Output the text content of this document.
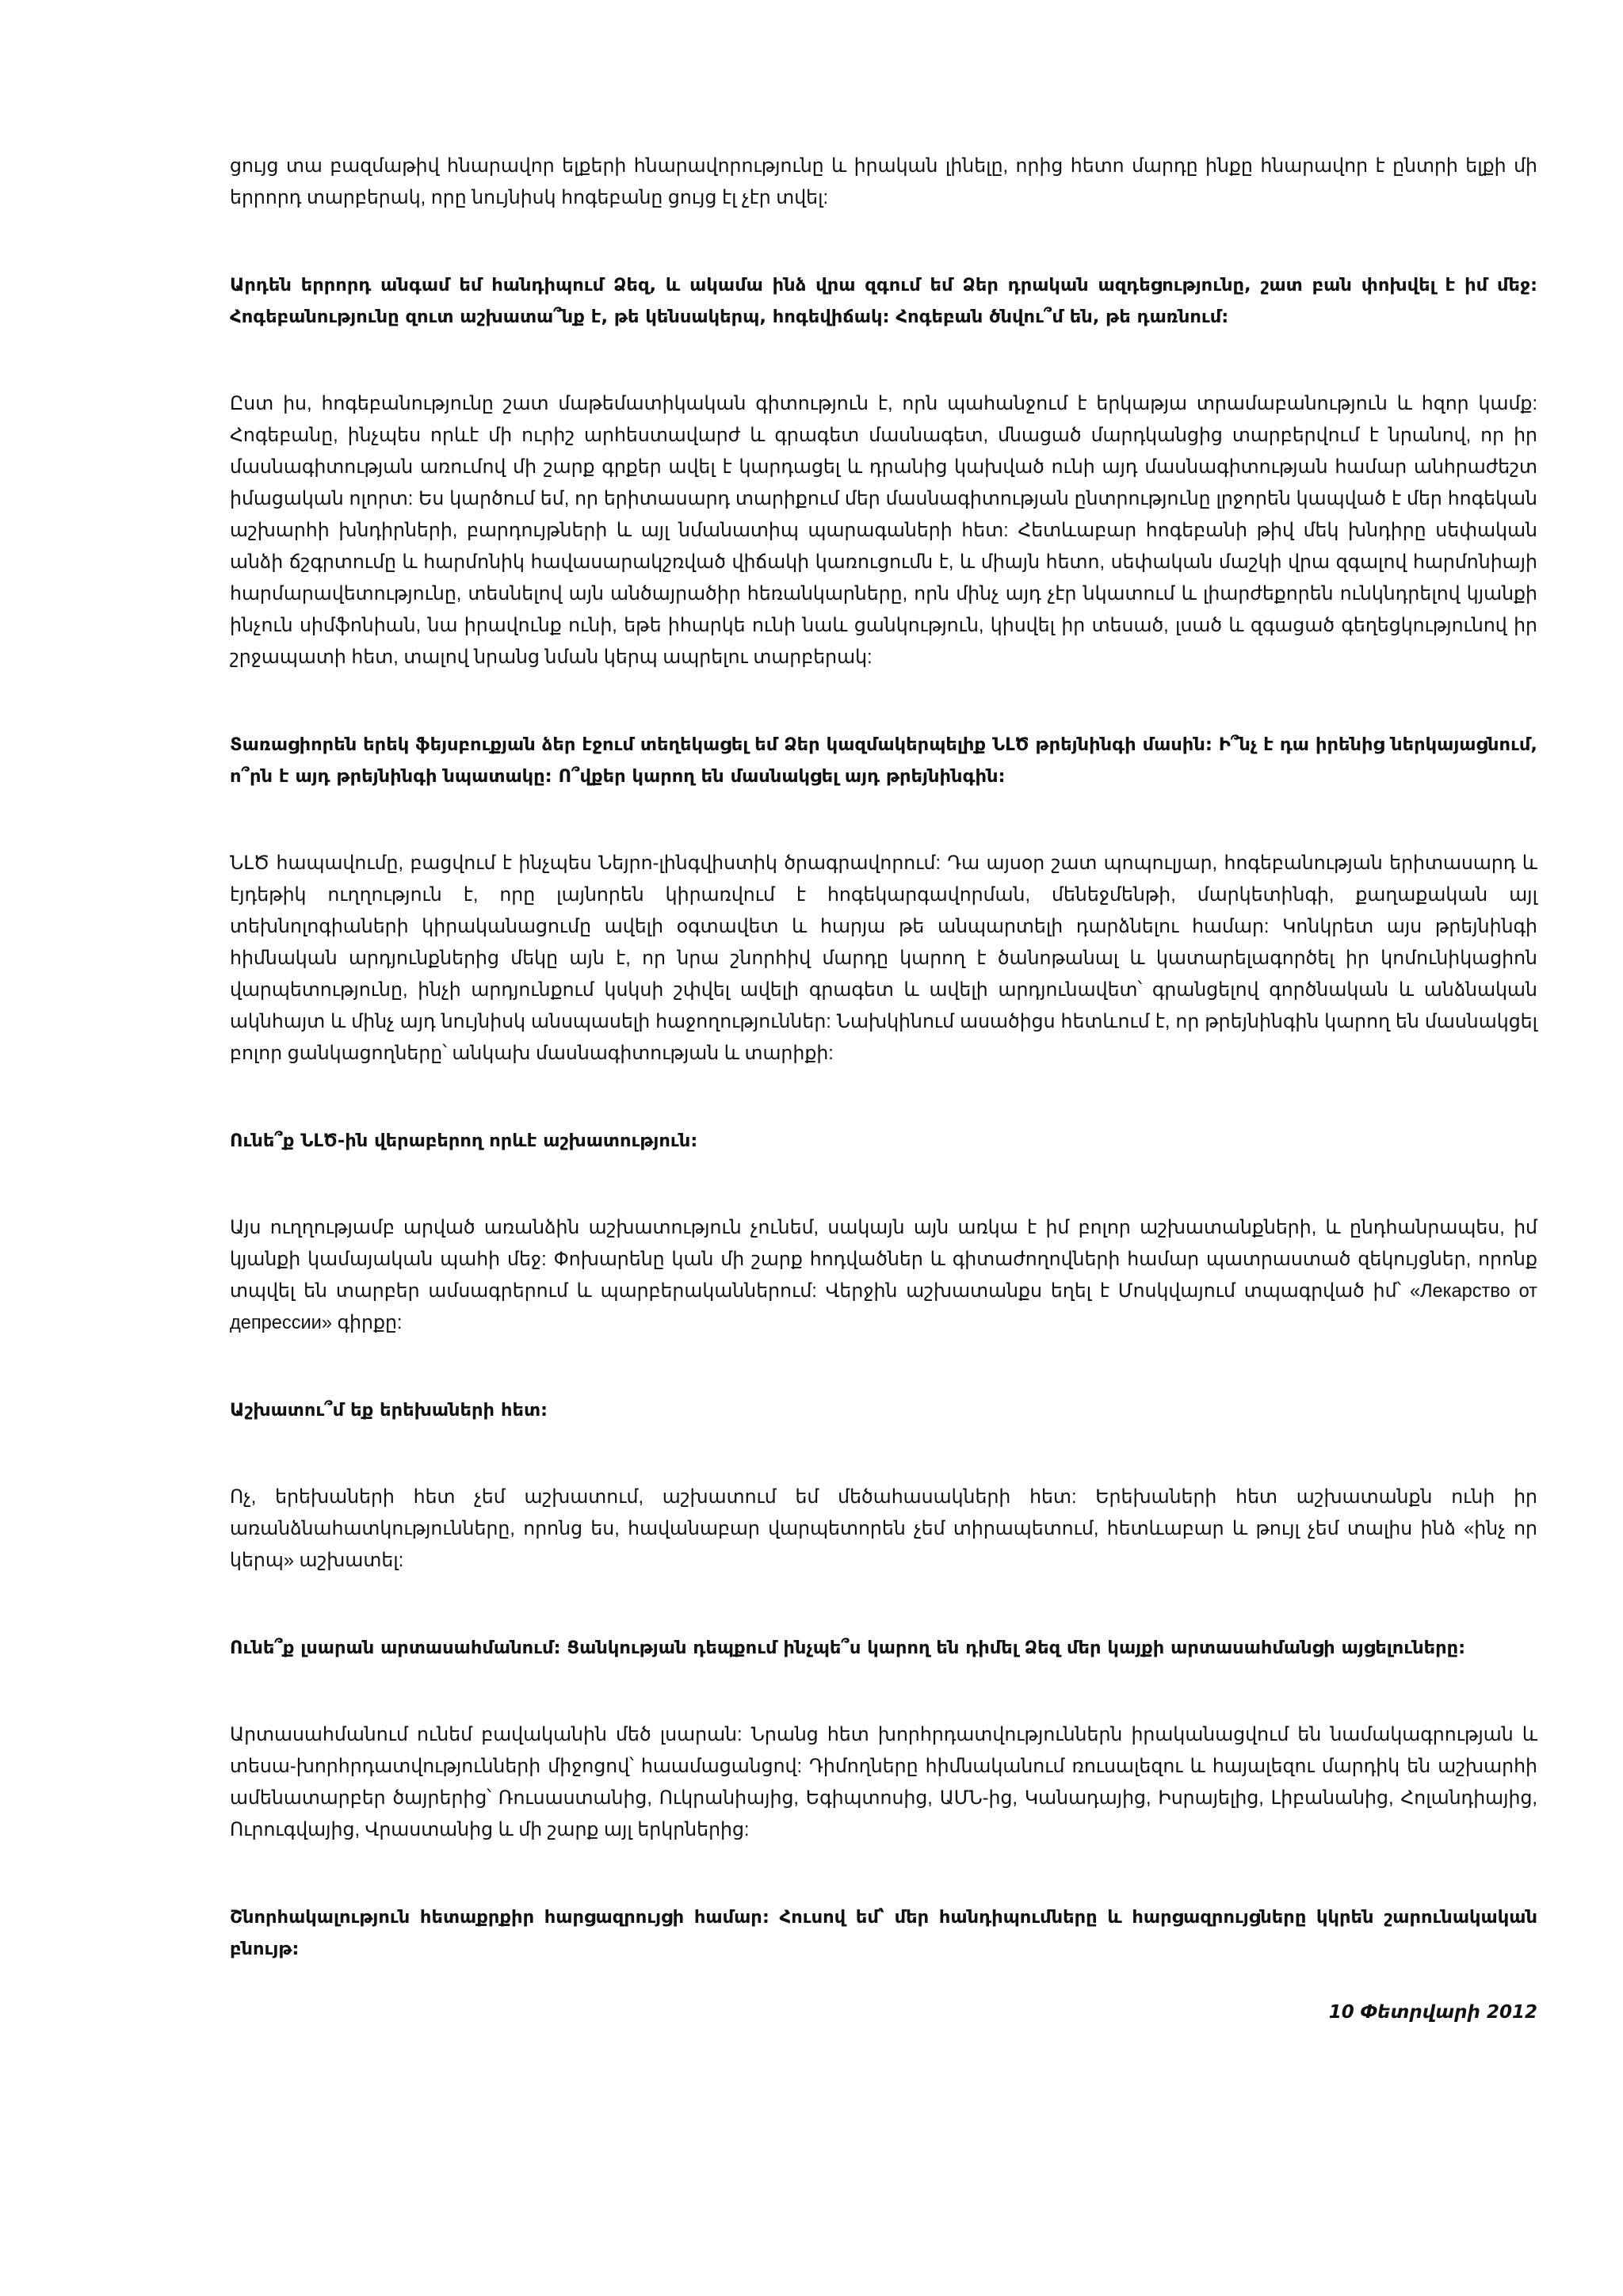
ցույց տա բազմաթիվ հնարավոր ելքերի հնարավորությունը և իրական լինելը, որից հետո մարդը ինքը հնարավոր է ընտրի ելքի մի երրորդ տարբերակ, որը նույնիսկ հոգեբանը ցույց էլ չէր տվել:

Արդեն երրորդ անգամ եմ հանդիպում Ձեզ, և ակամա ինձ վրա զգում եմ Ձեր դրական ազդեցությունը, շատ բան փոխվել է իմ մեջ: Հոգեբանությունը զուտ աշխատա՞նք է, թե կենսակերպ, հոգեվիճակ: Հոգեբան ծնվու՞մ են, թե դառնում:

Ըստ իս, հոգեբանությունը շատ մաթեմատիկական գիտություն է, որն պահանջում է երկաթյա տրամաբանություն և հզոր կամք: Հոգեբանը, ինչպես որևէ մի ուրիշ արհեստավարժ և գրագետ մասնագետ, մնացած մարդկանցից տարբերվում է նրանով, որ իր մասնագիտության առումով մի շարք գրքեր ավել է կարդացել և դրանից կախված ունի այդ մասնագիտության համար անհրաժեշտ իմացական ոլորտ: Ես կարծում եմ, որ երիտասարդ տարիքում մեր մասնագիտության ընտրությունը լրջորեն կապված է մեր հոգեկան աշխարհի խնդիրների, բարդույթների և այլ նմանատիպ պարագաների հետ: Հետևաբար հոգեբանի թիվ մեկ խնդիրը սեփական անձի ճշգրտումը և հարմոնիկ հավասարակշռված վիճակի կառուցումն է, և միայն հետո, սեփական մաշկի վրա զգալով հարմոնիայի հարմարավետությունը, տեսնելով այն անծայրածիր հեռանկարները, որն մինչ այդ չէր նկատում և լիարժեքորեն ունկնդրելով կյանքի ինչուն սիմֆոնիան, նա իրավունք ունի, եթե իհարկե ունի նաև ցանկություն, կիսվել իր տեսած, լսած և զգացած գեղեցկությունով իր շրջապատի հետ, տալով նրանց նման կերպ ապրելու տարբերակ:

Տառացիորեն երեկ ֆեյսբուքյան ձեր էջում տեղեկացել եմ Ձեր կազմակերպելիք ՆԼԾ թրեյնինգի մասին: Ի՞նչ է դա իրենից ներկայացնում, ո՞րն է այդ թրեյնինգի նպատակը: Ո՞վքեր կարող են մասնակցել այդ թրեյնինգին:

ՆԼԾ հապավումը, բացվում է ինչպես Նեյրո-լինգվիստիկ ծրագրավորում: Դա այսօր շատ պոպուլյար, հոգեբանության երիտասարդ և էյդեթիկ ուղղություն է, որը լայնորեն կիրառվում է հոգեկարգավորման, մենեջմենթի, մարկետինգի, քաղաքական այլ տեխնոլոգիաների կիրականացումը ավելի օգտավետ և հարյա թե անպարտելի դարձնելու համար: Կոնկրետ այս թրեյնինգի հիմնական արդյունքներից մեկը այն է, որ նրա շնորհիվ մարդը կարող է ծանոթանալ և կատարելագործել իր կոմունիկացիոն վարպետությունը, ինչի արդյունքում կսկսի շփվել ավելի գրագետ և ավելի արդյունավետ՝ գրանցելով գործնական և անձնական ակնհայտ և մինչ այդ նույնիսկ անսպասելի հաջողություններ: Նախկինում ասածիցս հետևում է, որ թրեյնինգին կարող են մասնակցել բոլոր ցանկացողները՝ անկախ մասնագիտության և տարիքի:

Ունե՞ք ՆԼԾ-ին վերաբերող որևէ աշխատություն:

Այս ուղղությամբ արված առանձին աշխատություն չունեմ, սակայն այն առկա է իմ բոլոր աշխատանքների, և ընդհանրապես, իմ կյանքի կամայական պահի մեջ: Փոխարենը կան մի շարք հոդվածներ և գիտաժողովների համար պատրաստած զեկույցներ, որոնք տպվել են տարբեր ամսագրերում և պարբերականներում: Վերջին աշխատանքս եղել է Մոսկվայում տպագրված իմ՝ «Лекарство от депрессии» գիրքը:

Աշխատու՞մ եք երեխաների հետ:

Ոչ, երեխաների հետ չեմ աշխատում, աշխատում եմ մեծահասակների հետ: Երեխաների հետ աշխատանքն ունի իր առանձնահատկությունները, որոնց ես, հավանաբար վարպետորեն չեմ տիրապետում, հետևաբար և թույլ չեմ տալիս ինձ «ինչ որ կերպ» աշխատել:

Ունե՞ք լսարան արտասահմանում: Ցանկության դեպքում ինչպե՞ս կարող են դիմել Ձեզ մեր կայքի արտասահմանցի այցելուները:

Արտասահմանում ունեմ բավականին մեծ լսարան: Նրանց հետ խորհրդատվություններն իրականացվում են նամակագրության և տեսա-խորհրդատվությունների միջոցով՝ հաամացանցով: Դիմողները հիմնականում ռուսալեզու և հայալեզու մարդիկ են աշխարհի ամենատարբեր ծայրերից՝ Ռուսաստանից, Ուկրանիայից, Եգիպտոսից, ԱՄՆ-ից, Կանադայից, Իսրայելից, Լիբանանից, Հոլանդիայից, Ուրուգվայից, Վրաստանից և մի շարք այլ երկրներից:

Շնորհակալություն հետաքրքիր հարցազրույցի համար: Հուսով եմ՝ մեր հանդիպումները և հարցազրույցները կկրեն շարունակական բնույթ:

10 Փետրվարի 2012
